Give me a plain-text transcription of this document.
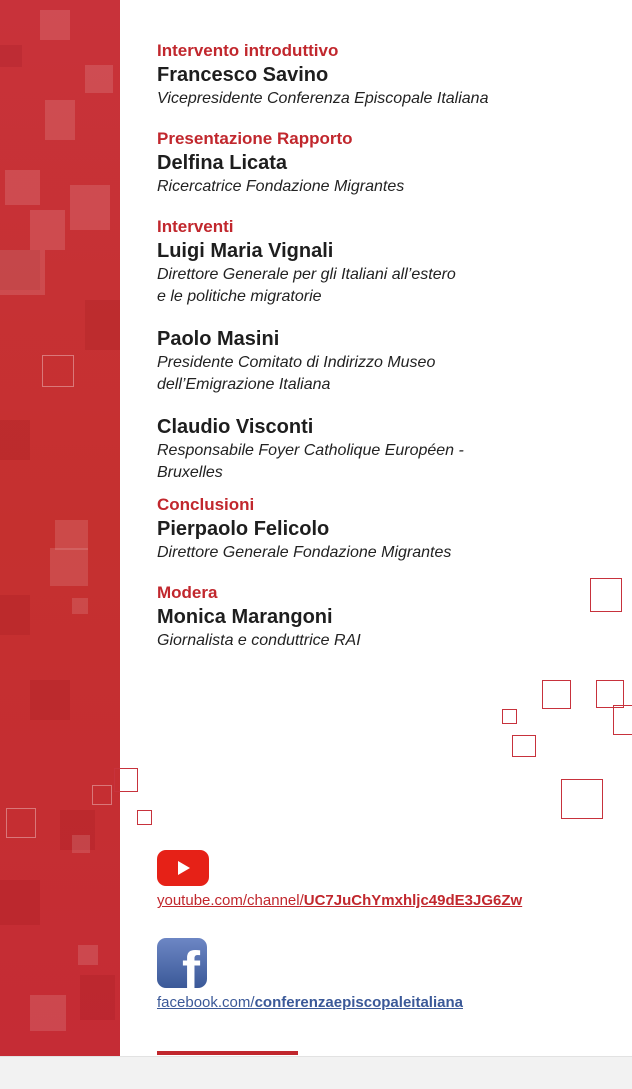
Intervento introduttivo
Francesco Savino
Vicepresidente Conferenza Episcopale Italiana
Presentazione Rapporto
Delfina Licata
Ricercatrice Fondazione Migrantes
Interventi
Luigi Maria Vignali
Direttore Generale per gli Italiani all’estero
e le politiche migratorie
Paolo Masini
Presidente Comitato di Indirizzo Museo
dell’Emigrazione Italiana
Claudio Visconti
Responsabile Foyer Catholique Européen -
Bruxelles
Conclusioni
Pierpaolo Felicolo
Direttore Generale Fondazione Migrantes
Modera
Monica Marangoni
Giornalista e conduttrice RAI
youtube.com/channel/UC7JuChYmxhljc49dE3JG6Zw
f
facebook.com/conferenzaepiscopaleitaliana
